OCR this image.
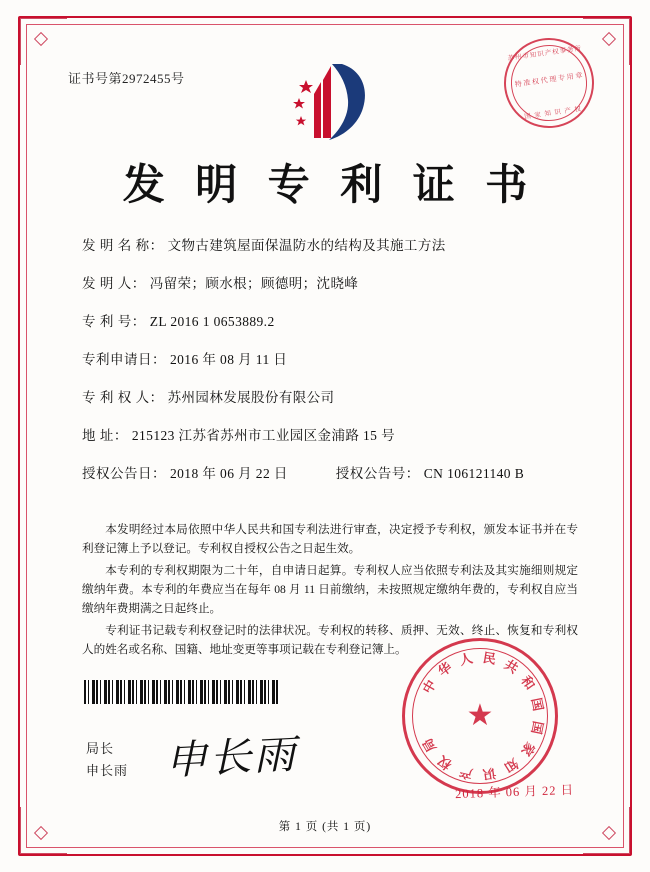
证书号第2972455号
苏州市知识产权事务所
特 准 权 代 理 专 用 章
国 家 知 识 产 权
发 明 专 利 证 书
发 明 名 称： 文物古建筑屋面保温防水的结构及其施工方法
发 明 人： 冯留荣；顾水根；顾德明；沈晓峰
专 利 号： ZL 2016 1 0653889.2
专利申请日： 2016 年 08 月 11 日
专 利 权 人： 苏州园林发展股份有限公司
地 址： 215123 江苏省苏州市工业园区金浦路 15 号
授权公告日： 2018 年 06 月 22 日	授权公告号： CN 106121140 B

本发明经过本局依照中华人民共和国专利法进行审查，决定授予专利权，颁发本证书并在专利登记簿上予以登记。专利权自授权公告之日起生效。

本专利的专利权期限为二十年，自申请日起算。专利权人应当依照专利法及其实施细则规定缴纳年费。本专利的年费应当在每年 08 月 11 日前缴纳，未按照规定缴纳年费的，专利权自应当缴纳年费期满之日起终止。

专利证书记载专利权登记时的法律状况。专利权的转移、质押、无效、终止、恢复和专利权人的姓名或名称、国籍、地址变更等事项记载在专利登记簿上。

局长
申长雨 申长雨
★
中
华
人 民 共
和
国
国
家
知
识
产
权
局
2018 年 06 月 22 日
第 1 页 (共 1 页)
